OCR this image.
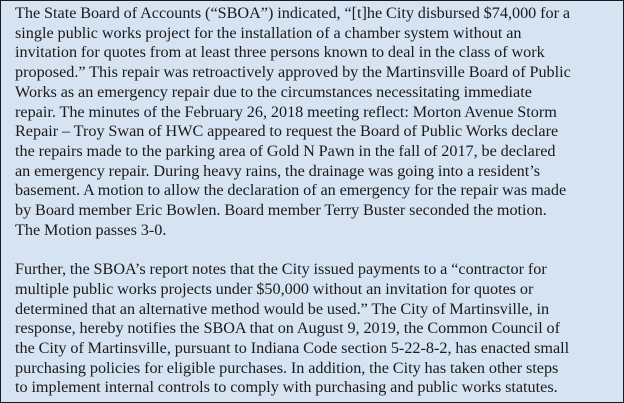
The State Board of Accounts (“SBOA”) indicated, “[t]he City disbursed $74,000 for a
single public works project for the installation of a chamber system without an
invitation for quotes from at least three persons known to deal in the class of work
proposed.” This repair was retroactively approved by the Martinsville Board of Public
Works as an emergency repair due to the circumstances necessitating immediate
repair. The minutes of the February 26, 2018 meeting reflect: Morton Avenue Storm
Repair – Troy Swan of HWC appeared to request the Board of Public Works declare
the repairs made to the parking area of Gold N Pawn in the fall of 2017, be declared
an emergency repair. During heavy rains, the drainage was going into a resident’s
basement. A motion to allow the declaration of an emergency for the repair was made
by Board member Eric Bowlen. Board member Terry Buster seconded the motion.
The Motion passes 3-0.

Further, the SBOA’s report notes that the City issued payments to a “contractor for
multiple public works projects under $50,000 without an invitation for quotes or
determined that an alternative method would be used.” The City of Martinsville, in
response, hereby notifies the SBOA that on August 9, 2019, the Common Council of
the City of Martinsville, pursuant to Indiana Code section 5-22-8-2, has enacted small
purchasing policies for eligible purchases. In addition, the City has taken other steps
to implement internal controls to comply with purchasing and public works statutes.
